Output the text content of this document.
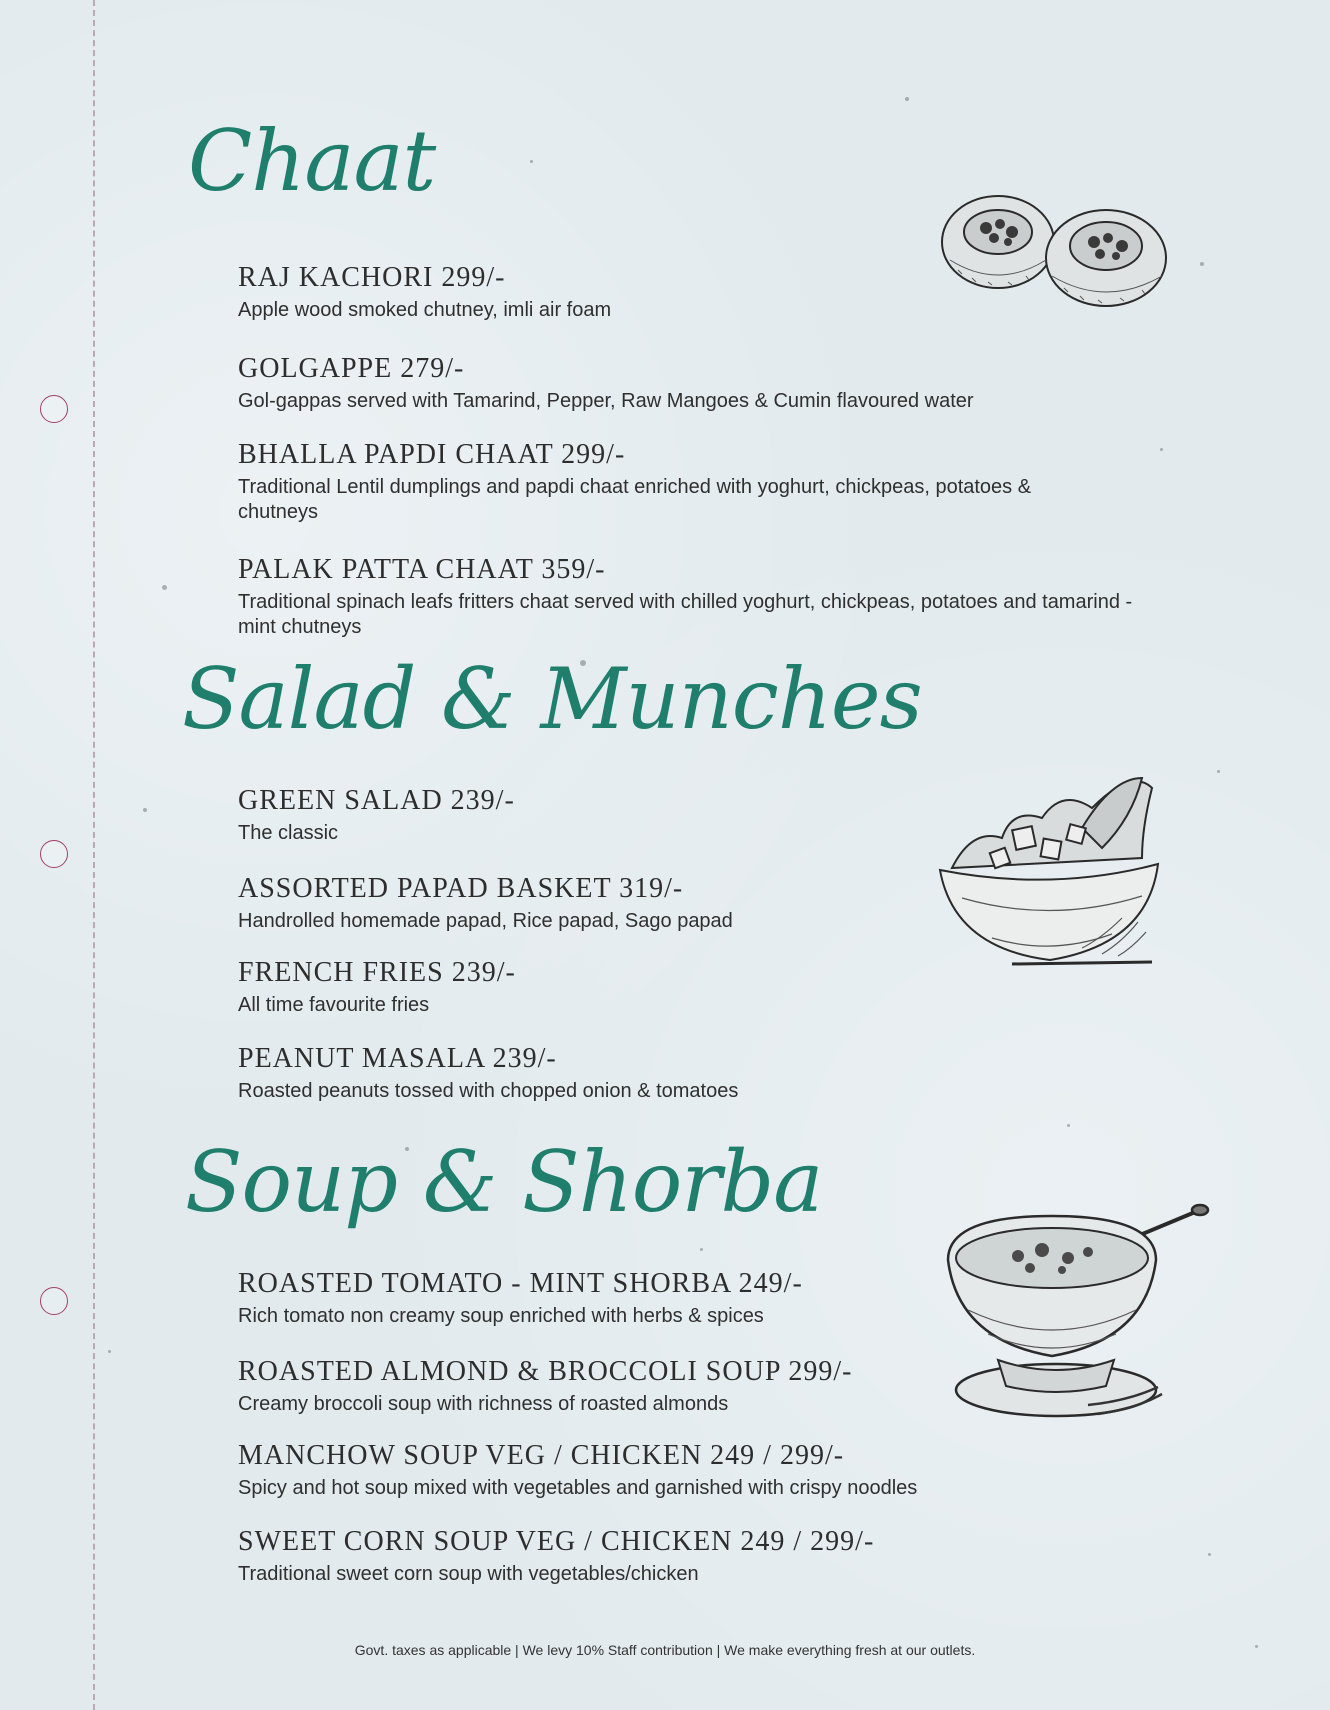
Chaat
RAJ KACHORI 299/-
Apple wood smoked chutney, imli air foam
GOLGAPPE 279/-
Gol-gappas served with Tamarind, Pepper, Raw Mangoes & Cumin flavoured water
BHALLA PAPDI CHAAT 299/-
Traditional Lentil dumplings and papdi chaat enriched with yoghurt, chickpeas, potatoes & chutneys
PALAK PATTA CHAAT 359/-
Traditional spinach leafs fritters chaat served with chilled yoghurt, chickpeas, potatoes and tamarind - mint chutneys
Salad & Munches
GREEN SALAD 239/-
The classic
ASSORTED PAPAD BASKET 319/-
Handrolled homemade papad, Rice papad, Sago papad
FRENCH FRIES 239/-
All time favourite fries
PEANUT MASALA 239/-
Roasted peanuts tossed with chopped onion & tomatoes
Soup & Shorba
ROASTED TOMATO - MINT SHORBA 249/-
Rich tomato non creamy soup enriched with herbs & spices
ROASTED ALMOND & BROCCOLI SOUP 299/-
Creamy broccoli soup with richness of roasted almonds
MANCHOW SOUP VEG / CHICKEN 249 / 299/-
Spicy and hot soup mixed with vegetables and garnished with crispy noodles
SWEET CORN SOUP VEG / CHICKEN 249 / 299/-
Traditional sweet corn soup with vegetables/chicken
Govt. taxes as applicable | We levy 10% Staff contribution | We make everything fresh at our outlets.
